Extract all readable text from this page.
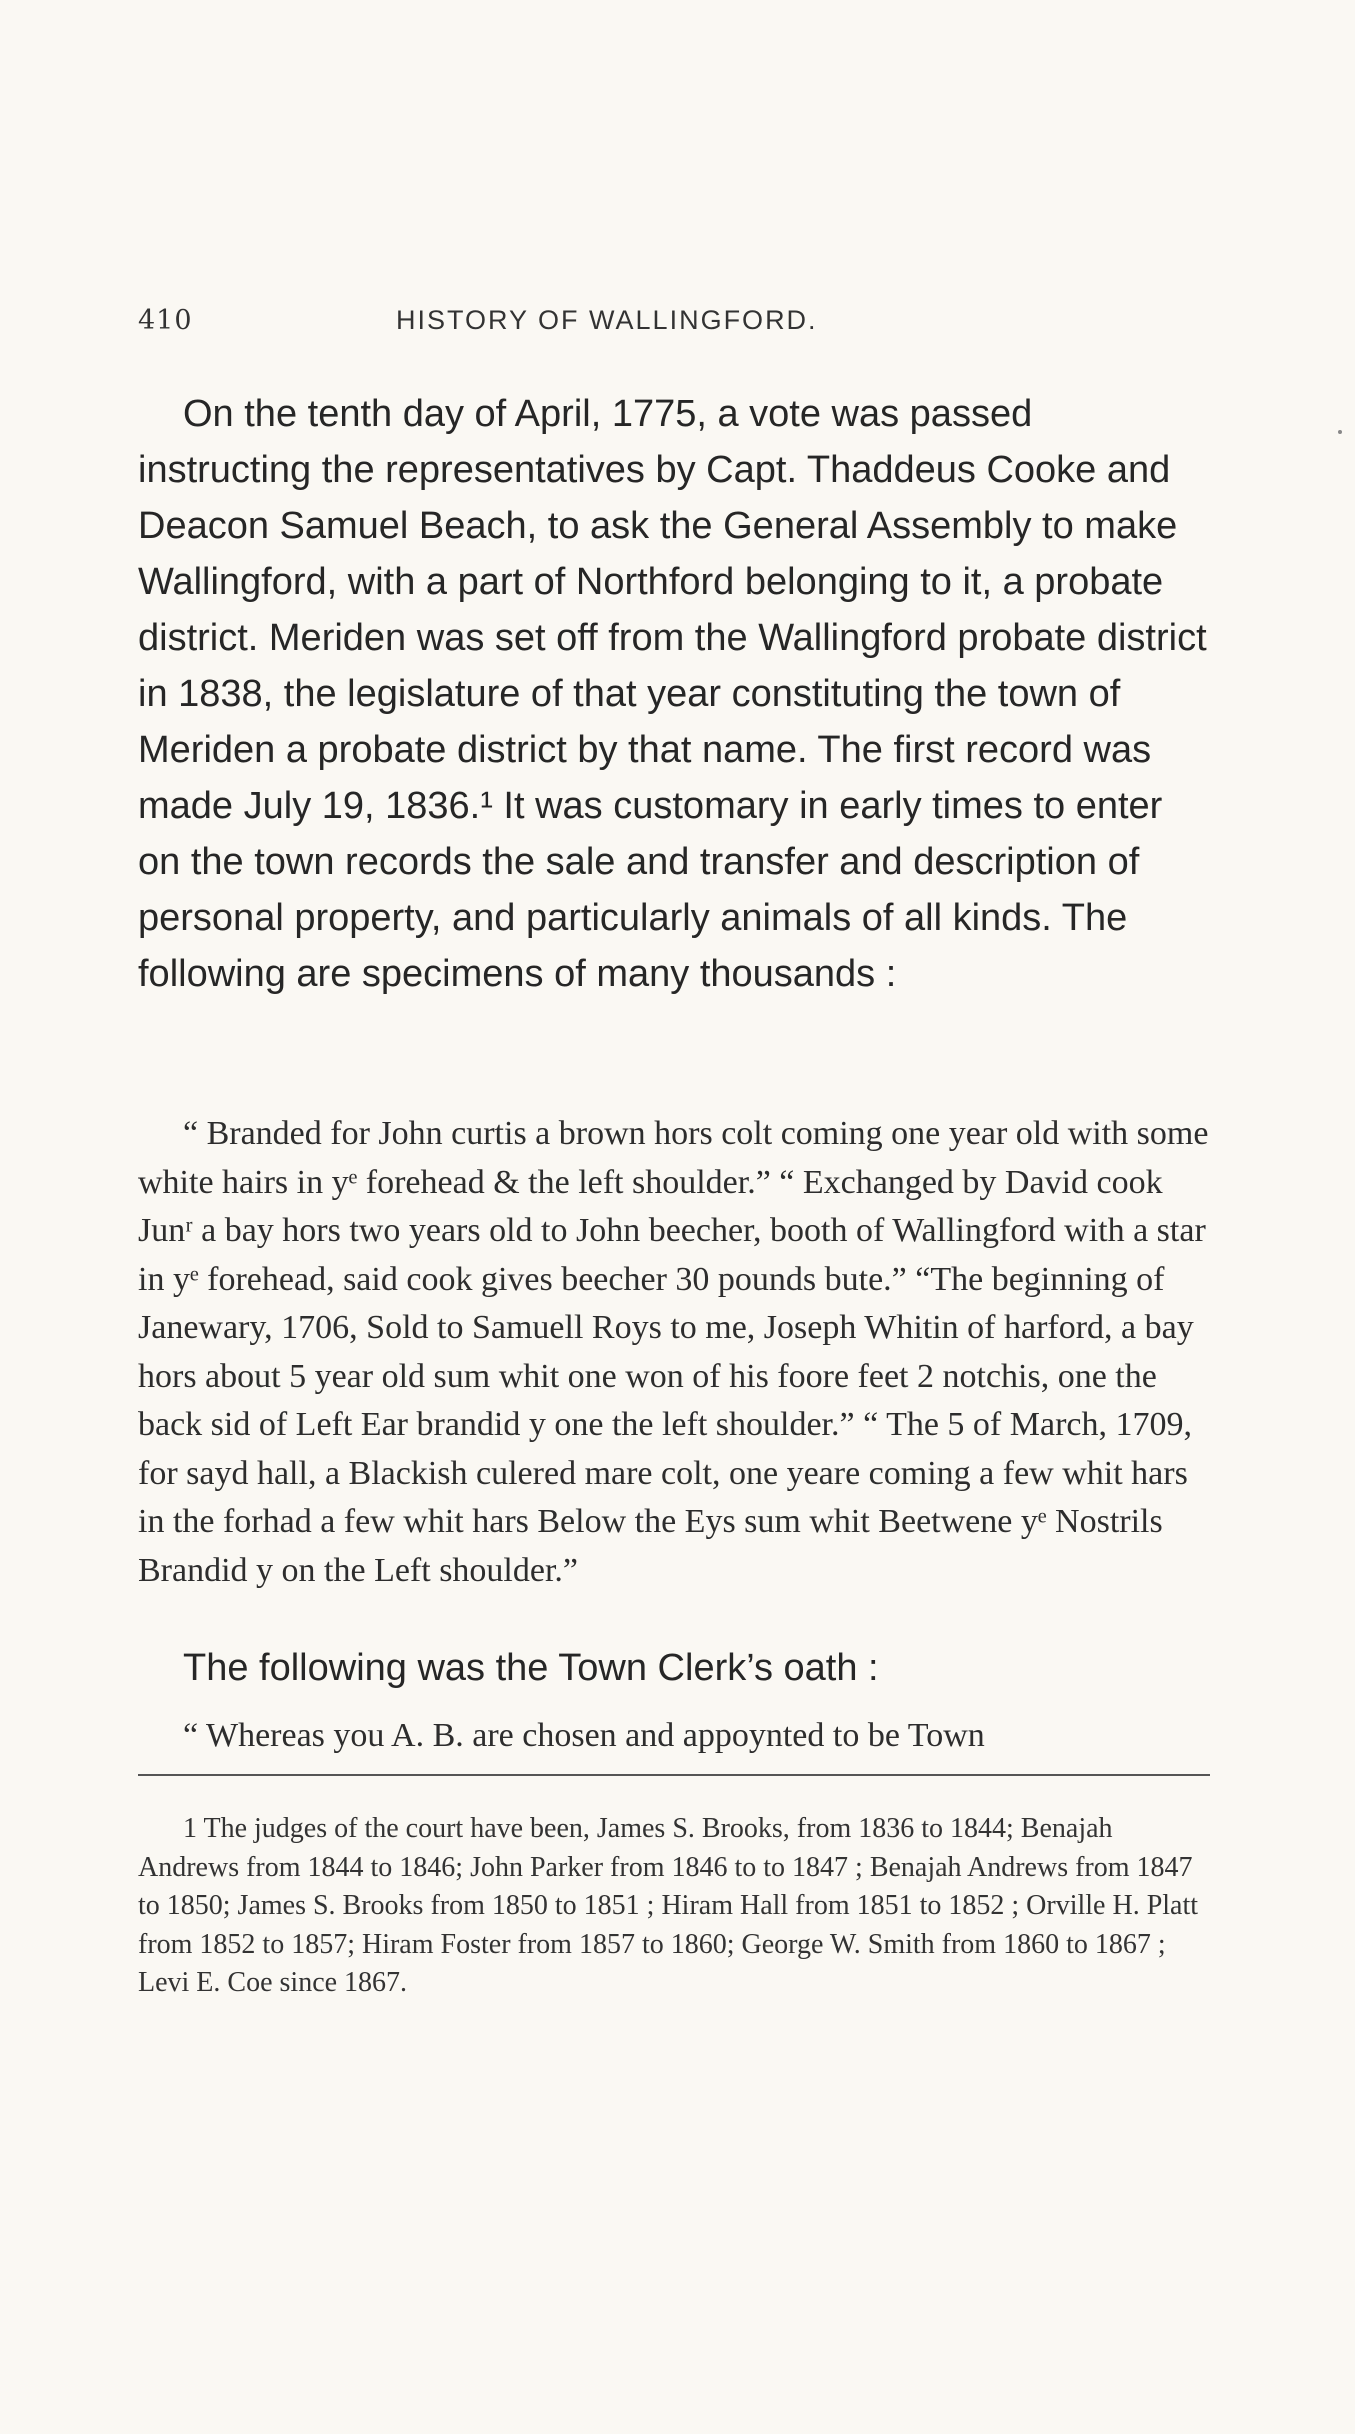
410	HISTORY OF WALLINGFORD.

On the tenth day of April, 1775, a vote was passed instructing the representatives by Capt. Thaddeus Cooke and Deacon Samuel Beach, to ask the General Assembly to make Wallingford, with a part of Northford belonging to it, a probate district. Meriden was set off from the Wallingford probate district in 1838, the legislature of that year constituting the town of Meriden a probate district by that name. The first record was made July 19, 1836.¹ It was customary in early times to enter on the town records the sale and transfer and description of personal property, and particularly animals of all kinds. The following are specimens of many thousands :

“ Branded for John curtis a brown hors colt coming one year old with some white hairs in yᵉ forehead & the left shoulder.” “ Exchanged by David cook Junʳ a bay hors two years old to John beecher, booth of Wallingford with a star in yᵉ forehead, said cook gives beecher 30 pounds bute.” “The beginning of Janewary, 1706, Sold to Samuell Roys to me, Joseph Whitin of harford, a bay hors about 5 year old sum whit one won of his foore feet 2 notchis, one the back sid of Left Ear brandid y one the left shoulder.” “ The 5 of March, 1709, for sayd hall, a Blackish culered mare colt, one yeare coming a few whit hars in the forhad a few whit hars Below the Eys sum whit Beetwene yᵉ Nostrils Brandid y on the Left shoulder.”

The following was the Town Clerk’s oath :

“ Whereas you A. B. are chosen and appoynted to be Town

1 The judges of the court have been, James S. Brooks, from 1836 to 1844; Benajah Andrews from 1844 to 1846; John Parker from 1846 to to 1847 ; Benajah Andrews from 1847 to 1850; James S. Brooks from 1850 to 1851 ; Hiram Hall from 1851 to 1852 ; Orville H. Platt from 1852 to 1857; Hiram Foster from 1857 to 1860; George W. Smith from 1860 to 1867 ; Levi E. Coe since 1867.
